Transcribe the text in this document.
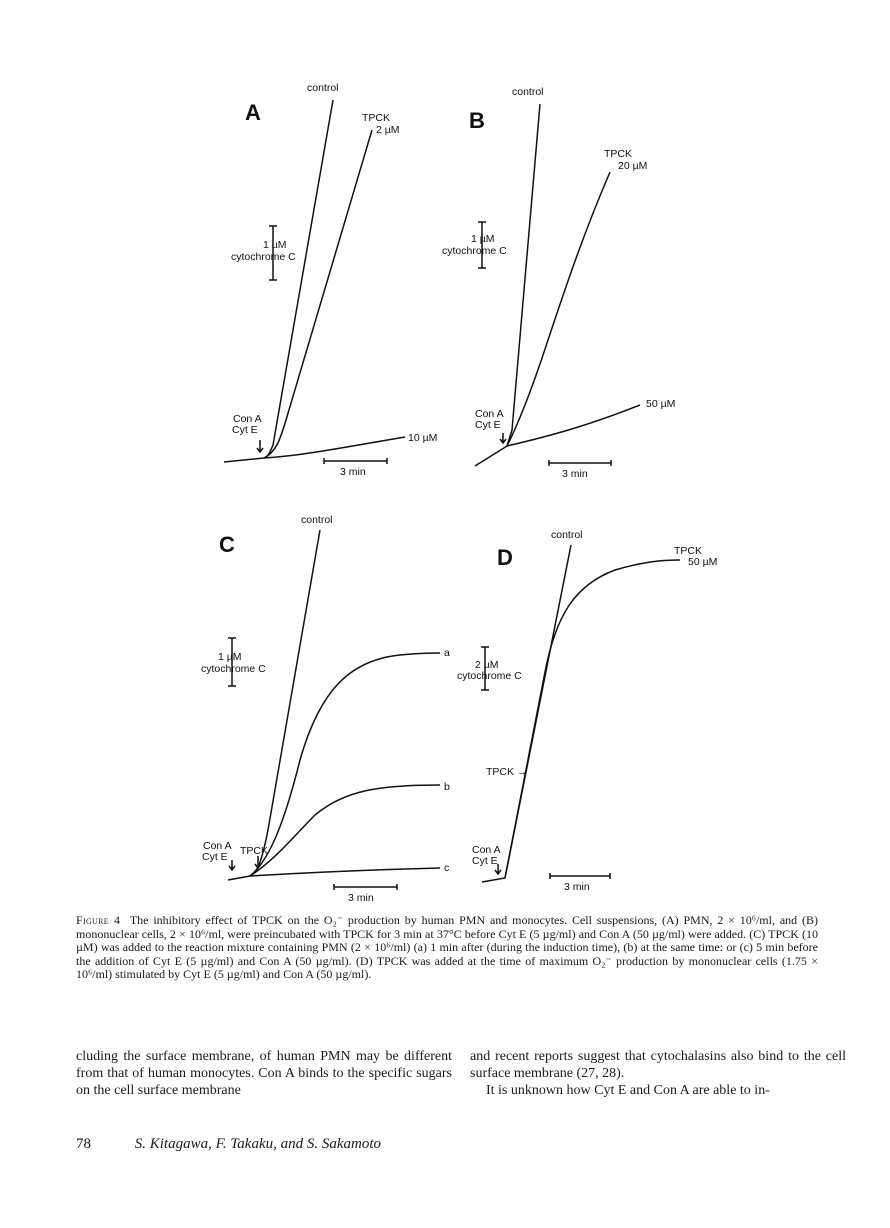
A
control
TPCK
2 µM
1 µM
cytochrome C
Con A
Cyt E
10 µM
3 min
B
control
TPCK
20 µM
1 µM
cytochrome C
Con A
Cyt E
50 µM
3 min
C
control
1 µM
cytochrome C
Con A
Cyt E TPCK
a
b
c
3 min
D
control
TPCK
50 µM
2 µM
cytochrome C
TPCK →
Con A
Cyt E
3 min
Figure 4 The inhibitory effect of TPCK on the O₂⁻ production by human PMN and monocytes. Cell suspensions, (A) PMN, 2 × 10⁶/ml, and (B) mononuclear cells, 2 × 10⁶/ml, were preincubated with TPCK for 3 min at 37°C before Cyt E (5 µg/ml) and Con A (50 µg/ml) were added. (C) TPCK (10 µM) was added to the reaction mixture containing PMN (2 × 10⁶/ml) (a) 1 min after (during the induction time), (b) at the same time: or (c) 5 min before the addition of Cyt E (5 µg/ml) and Con A (50 µg/ml). (D) TPCK was added at the time of maximum O₂⁻ production by mononuclear cells (1.75 × 10⁶/ml) stimulated by Cyt E (5 µg/ml) and Con A (50 µg/ml).

cluding the surface membrane, of human PMN may be different from that of human monocytes. Con A binds to the specific sugars on the cell surface membrane

and recent reports suggest that cytochalasins also bind to the cell surface membrane (27, 28).

It is unknown how Cyt E and Con A are able to in-

78	S. Kitagawa, F. Takaku, and S. Sakamoto
